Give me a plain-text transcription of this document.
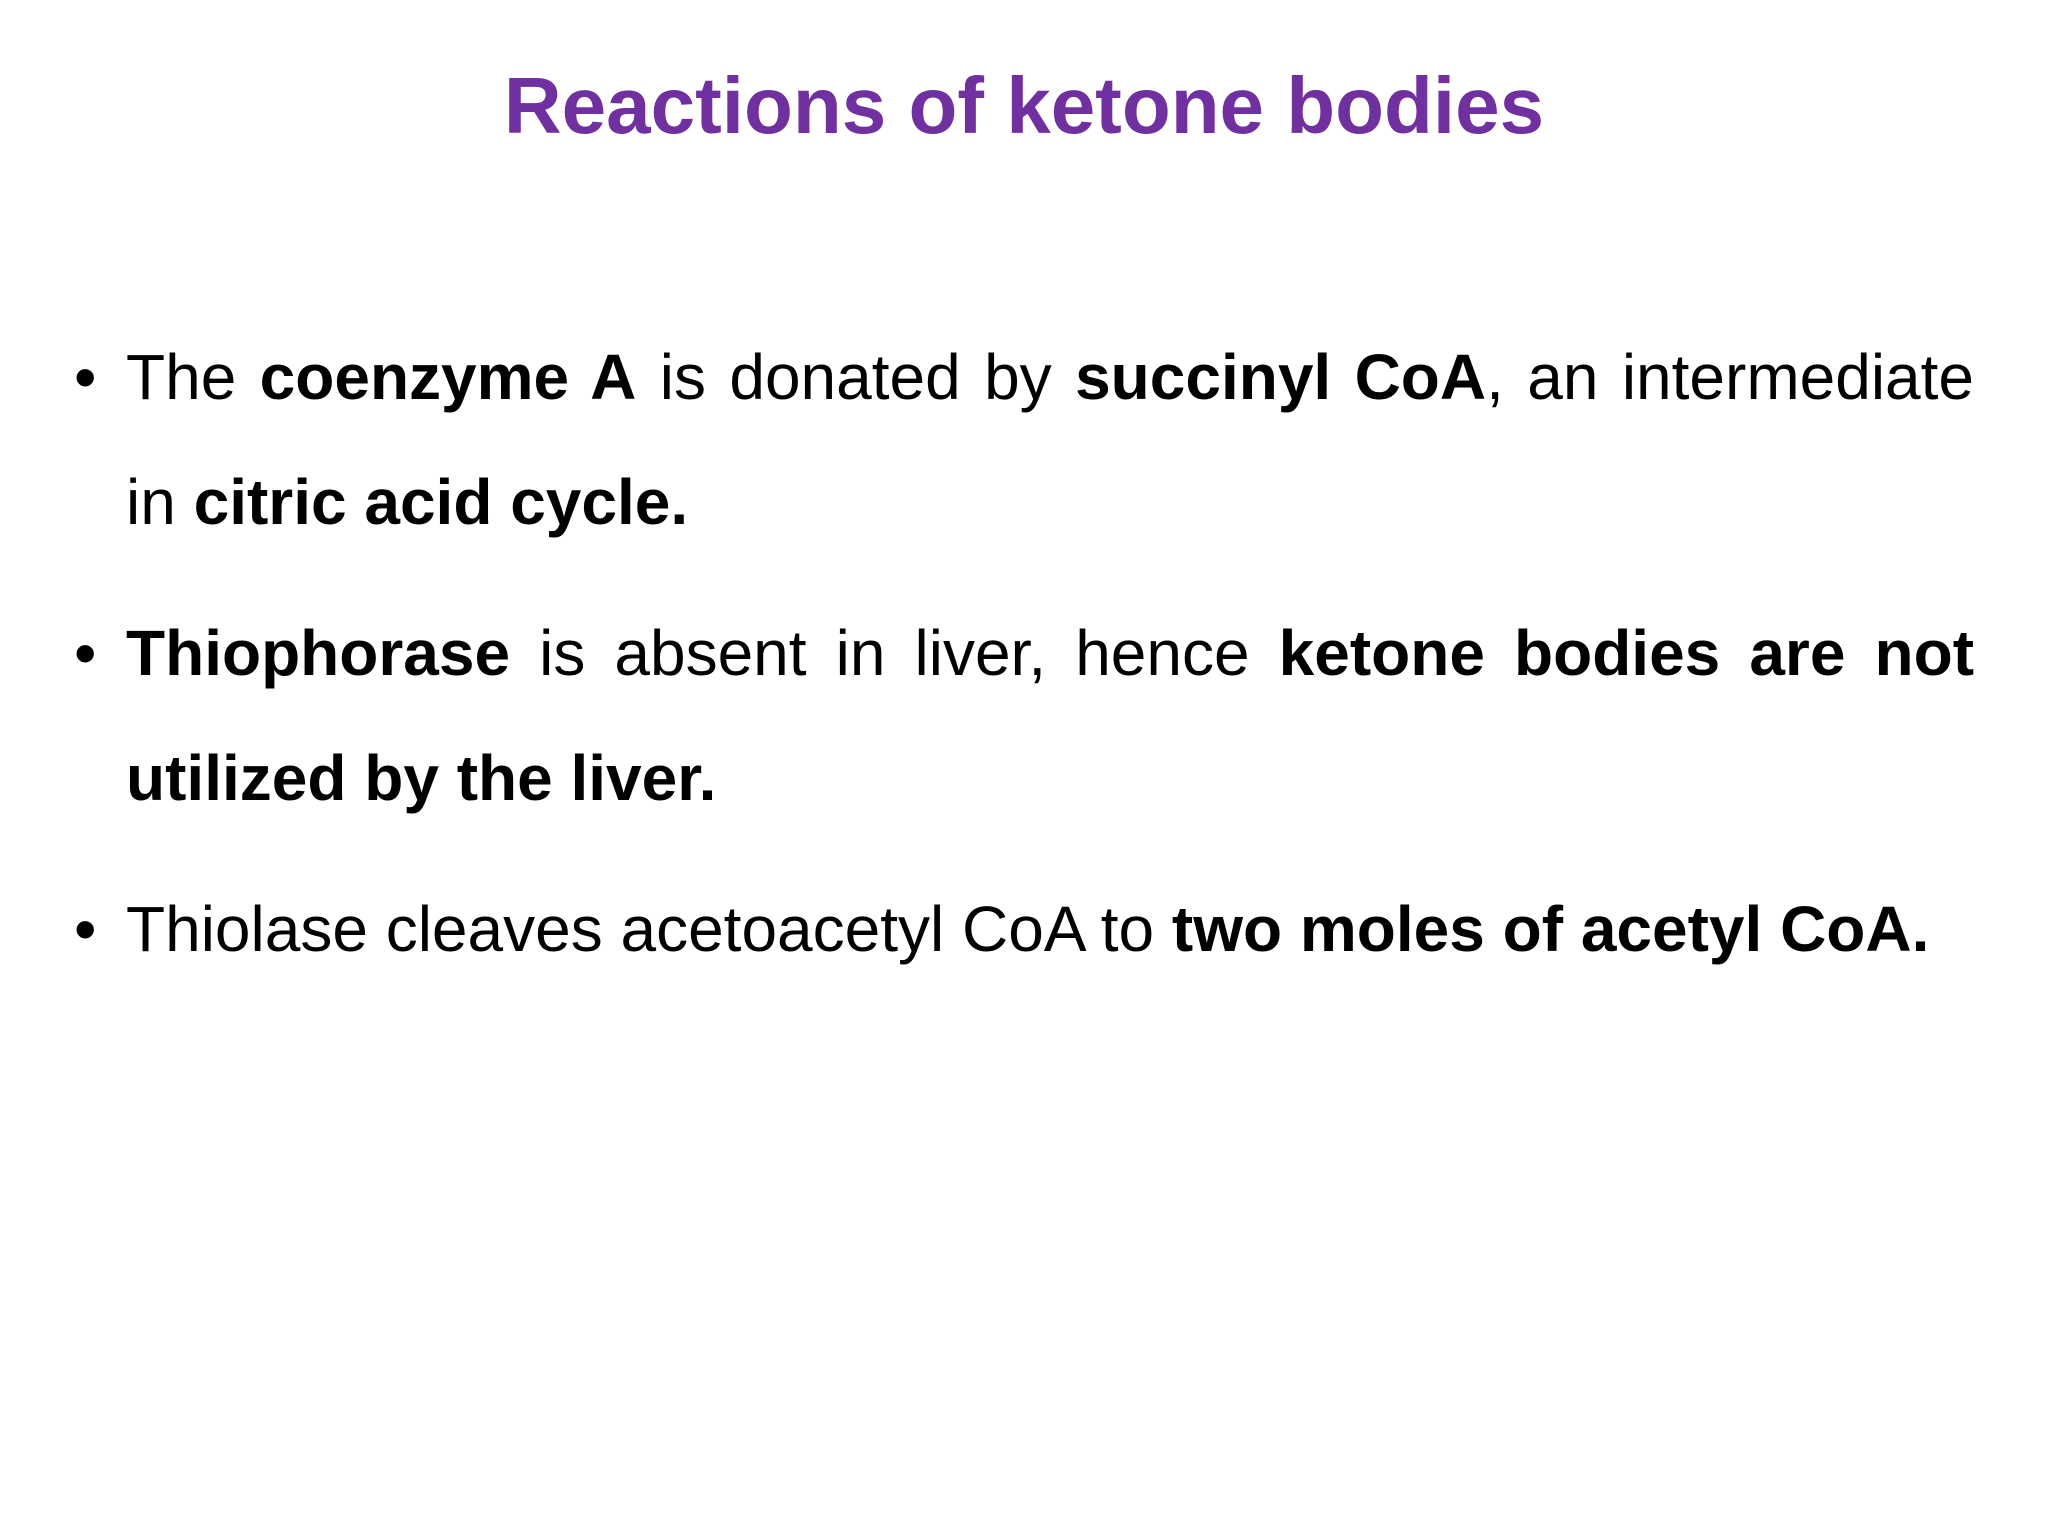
Reactions of ketone bodies
• The coenzyme A is donated by succinyl CoA, an intermediate in citric acid cycle.
• Thiophorase is absent in liver, hence ketone bodies are not utilized by the liver.
• Thiolase cleaves acetoacetyl CoA to two moles of acetyl CoA.
